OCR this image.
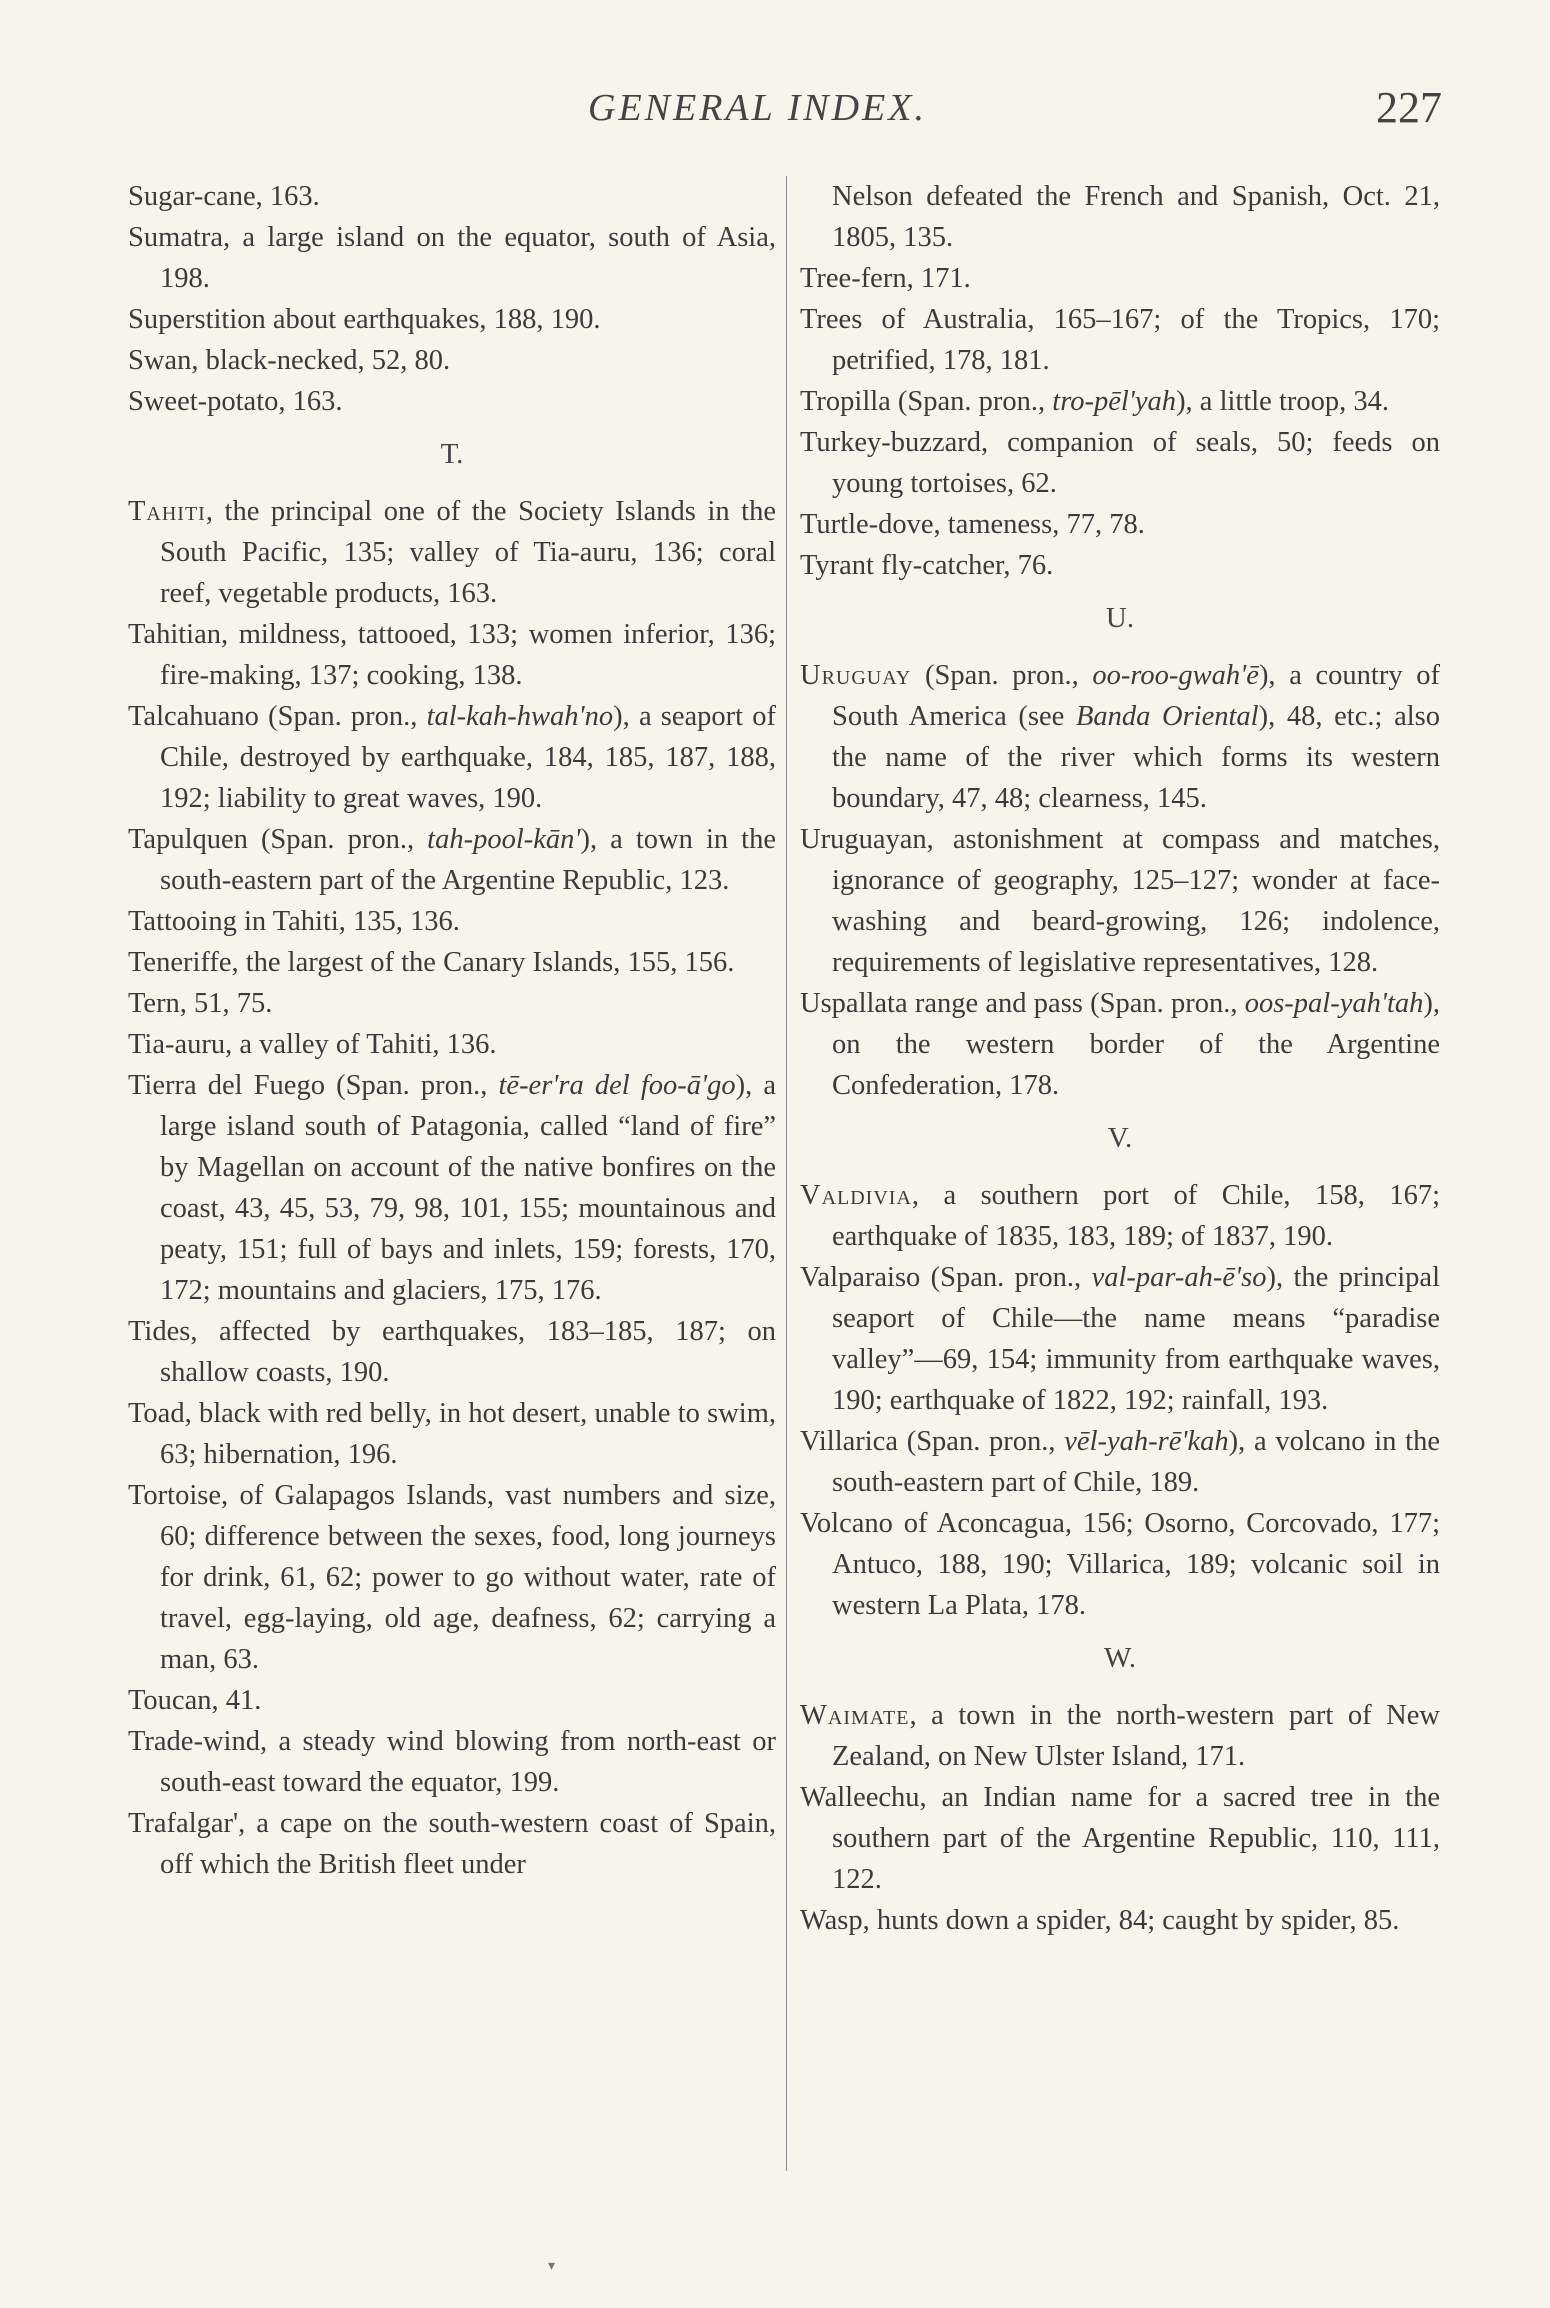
GENERAL INDEX.	227

Sugar-cane, 163.

Sumatra, a large island on the equator, south of Asia, 198.

Superstition about earthquakes, 188, 190.

Swan, black-necked, 52, 80.

Sweet-potato, 163.

T.

Tahiti, the principal one of the Society Islands in the South Pacific, 135; valley of Tia-auru, 136; coral reef, vegetable products, 163.

Tahitian, mildness, tattooed, 133; women inferior, 136; fire-making, 137; cooking, 138.

Talcahuano (Span. pron., tal-kah-hwah'no), a seaport of Chile, destroyed by earthquake, 184, 185, 187, 188, 192; liability to great waves, 190.

Tapulquen (Span. pron., tah-pool-kān'), a town in the south-eastern part of the Argentine Republic, 123.

Tattooing in Tahiti, 135, 136.

Teneriffe, the largest of the Canary Islands, 155, 156.

Tern, 51, 75.

Tia-auru, a valley of Tahiti, 136.

Tierra del Fuego (Span. pron., tē-er'ra del foo-ā'go), a large island south of Patagonia, called “land of fire” by Magellan on account of the native bonfires on the coast, 43, 45, 53, 79, 98, 101, 155; mountainous and peaty, 151; full of bays and inlets, 159; forests, 170, 172; mountains and glaciers, 175, 176.

Tides, affected by earthquakes, 183–185, 187; on shallow coasts, 190.

Toad, black with red belly, in hot desert, unable to swim, 63; hibernation, 196.

Tortoise, of Galapagos Islands, vast numbers and size, 60; difference between the sexes, food, long journeys for drink, 61, 62; power to go without water, rate of travel, egg-laying, old age, deafness, 62; carrying a man, 63.

Toucan, 41.

Trade-wind, a steady wind blowing from north-east or south-east toward the equator, 199.

Trafalgar', a cape on the south-western coast of Spain, off which the British fleet under

Nelson defeated the French and Spanish, Oct. 21, 1805, 135.

Tree-fern, 171.

Trees of Australia, 165–167; of the Tropics, 170; petrified, 178, 181.

Tropilla (Span. pron., tro-pēl'yah), a little troop, 34.

Turkey-buzzard, companion of seals, 50; feeds on young tortoises, 62.

Turtle-dove, tameness, 77, 78.

Tyrant fly-catcher, 76.

U.

Uruguay (Span. pron., oo-roo-gwah'ē), a country of South America (see Banda Oriental), 48, etc.; also the name of the river which forms its western boundary, 47, 48; clearness, 145.

Uruguayan, astonishment at compass and matches, ignorance of geography, 125–127; wonder at face-washing and beard-growing, 126; indolence, requirements of legislative representatives, 128.

Uspallata range and pass (Span. pron., oos-pal-yah'tah), on the western border of the Argentine Confederation, 178.

V.

Valdivia, a southern port of Chile, 158, 167; earthquake of 1835, 183, 189; of 1837, 190.

Valparaiso (Span. pron., val-par-ah-ē'so), the principal seaport of Chile—the name means “paradise valley”—69, 154; immunity from earthquake waves, 190; earthquake of 1822, 192; rainfall, 193.

Villarica (Span. pron., vēl-yah-rē'kah), a volcano in the south-eastern part of Chile, 189.

Volcano of Aconcagua, 156; Osorno, Corcovado, 177; Antuco, 188, 190; Villarica, 189; volcanic soil in western La Plata, 178.

W.

Waimate, a town in the north-western part of New Zealand, on New Ulster Island, 171.

Walleechu, an Indian name for a sacred tree in the southern part of the Argentine Republic, 110, 111, 122.

Wasp, hunts down a spider, 84; caught by spider, 85.

▾
